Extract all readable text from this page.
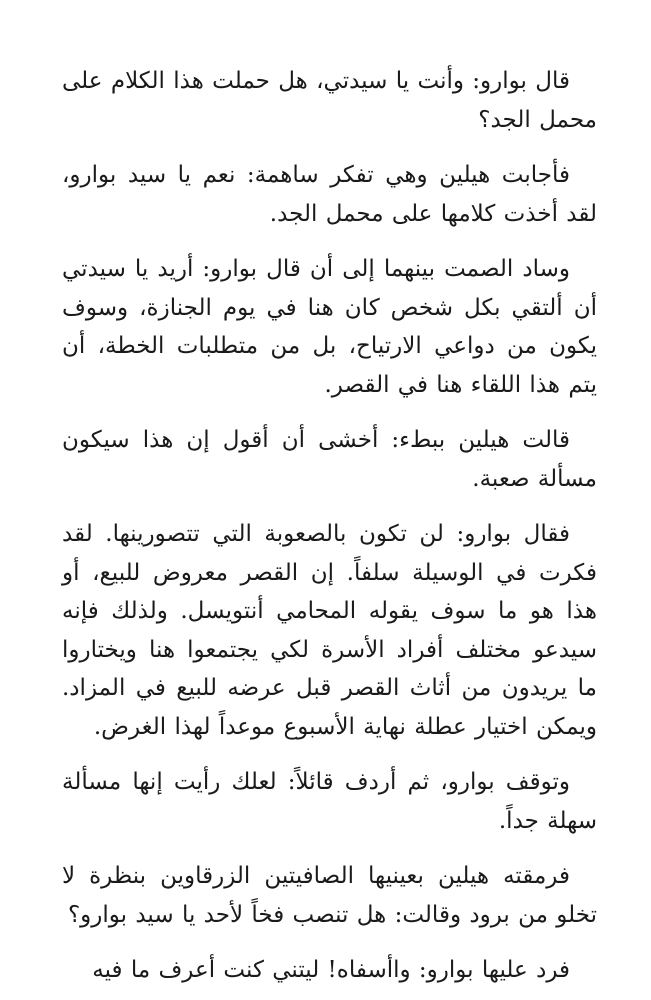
قال بوارو: وأنت يا سيدتي، هل حملت هذا الكلام على محمل الجد؟

فأجابت هيلين وهي تفكر ساهمة: نعم يا سيد بوارو، لقد أخذت كلامها على محمل الجد.

وساد الصمت بينهما إلى أن قال بوارو: أريد يا سيدتي أن ألتقي بكل شخص كان هنا في يوم الجنازة، وسوف يكون من دواعي الارتياح، بل من متطلبات الخطة، أن يتم هذا اللقاء هنا في القصر.

قالت هيلين ببطء: أخشى أن أقول إن هذا سيكون مسألة صعبة.

فقال بوارو: لن تكون بالصعوبة التي تتصورينها. لقد فكرت في الوسيلة سلفاً. إن القصر معروض للبيع، أو هذا هو ما سوف يقوله المحامي أنتويسل. ولذلك فإنه سيدعو مختلف أفراد الأسرة لكي يجتمعوا هنا ويختاروا ما يريدون من أثاث القصر قبل عرضه للبيع في المزاد. ويمكن اختيار عطلة نهاية الأسبوع موعداً لهذا الغرض.

وتوقف بوارو، ثم أردف قائلاً: لعلك رأيت إنها مسألة سهلة جداً.

فرمقته هيلين بعينيها الصافيتين الزرقاوين بنظرة لا تخلو من برود وقالت: هل تنصب فخاً لأحد يا سيد بوارو؟

فرد عليها بوارو: واأسفاه! ليتني كنت أعرف ما فيه
